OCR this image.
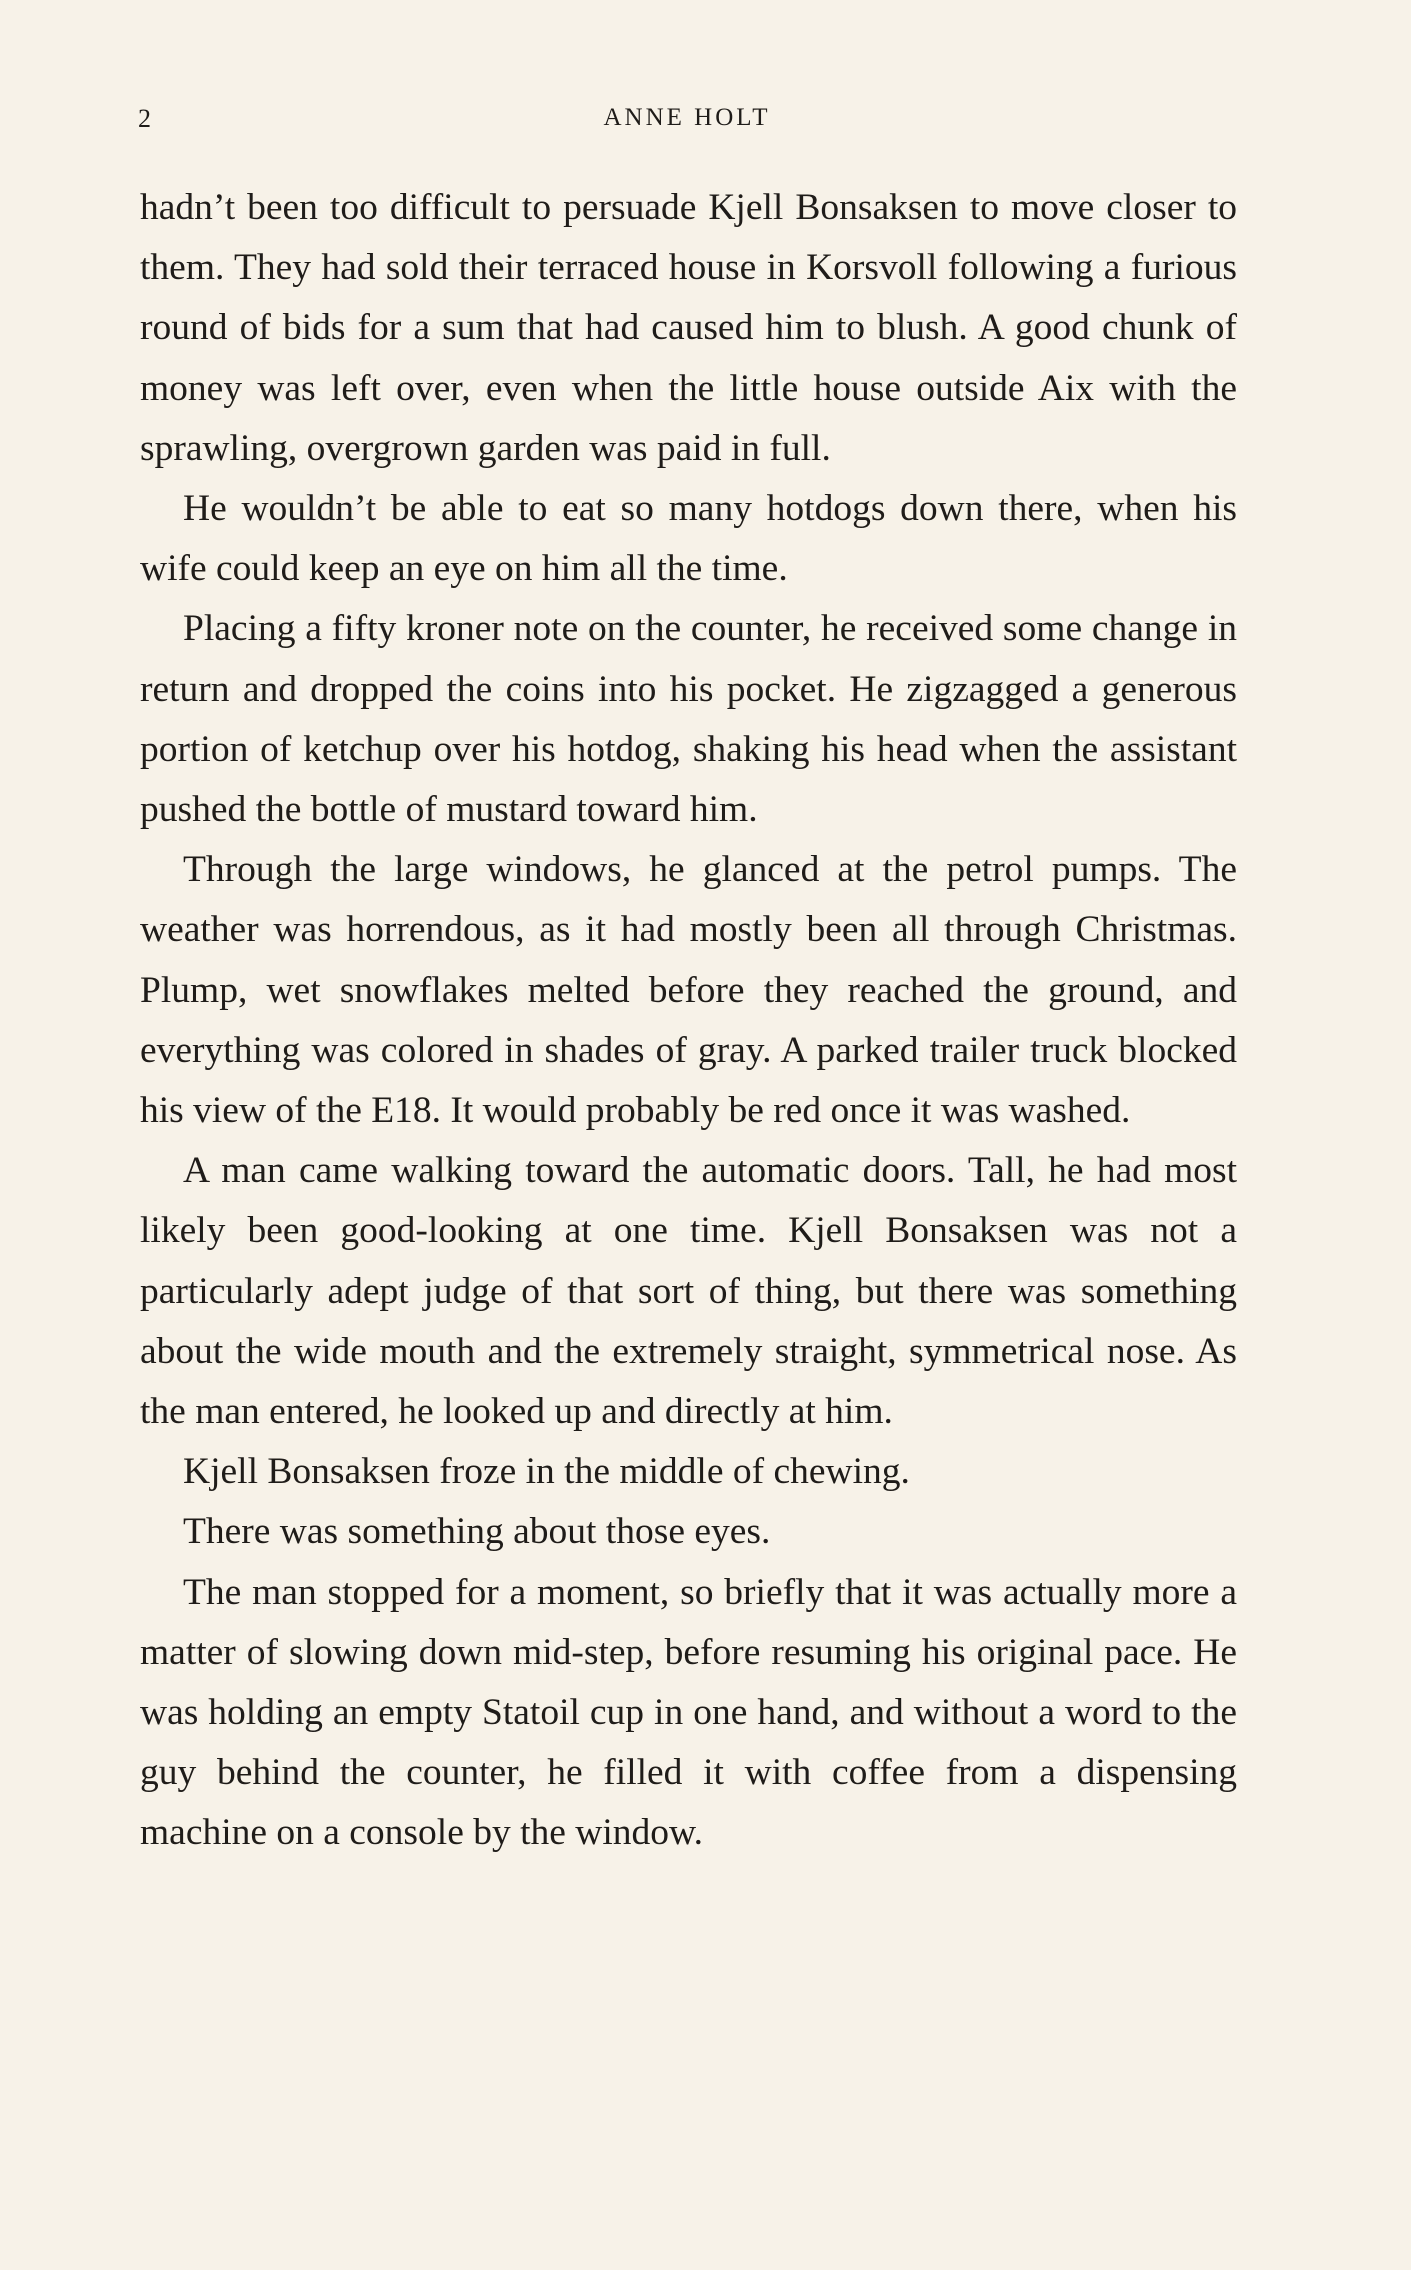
2	ANNE HOLT

hadn’t been too difficult to persuade Kjell Bonsaksen to move closer to them. They had sold their terraced house in Korsvoll following a furious round of bids for a sum that had caused him to blush. A good chunk of money was left over, even when the little house outside Aix with the sprawling, overgrown garden was paid in full.

He wouldn’t be able to eat so many hotdogs down there, when his wife could keep an eye on him all the time.

Placing a fifty kroner note on the counter, he received some change in return and dropped the coins into his pocket. He zigzagged a generous portion of ketchup over his hotdog, shaking his head when the assistant pushed the bottle of mustard toward him.

Through the large windows, he glanced at the petrol pumps. The weather was horrendous, as it had mostly been all through Christmas. Plump, wet snowflakes melted before they reached the ground, and everything was colored in shades of gray. A parked trailer truck blocked his view of the E18. It would probably be red once it was washed.

A man came walking toward the automatic doors. Tall, he had most likely been good-looking at one time. Kjell Bonsaksen was not a particularly adept judge of that sort of thing, but there was something about the wide mouth and the extremely straight, symmetrical nose. As the man entered, he looked up and directly at him.

Kjell Bonsaksen froze in the middle of chewing.

There was something about those eyes.

The man stopped for a moment, so briefly that it was actually more a matter of slowing down mid-step, before resuming his original pace. He was holding an empty Statoil cup in one hand, and without a word to the guy behind the counter, he filled it with coffee from a dispensing machine on a console by the window.
